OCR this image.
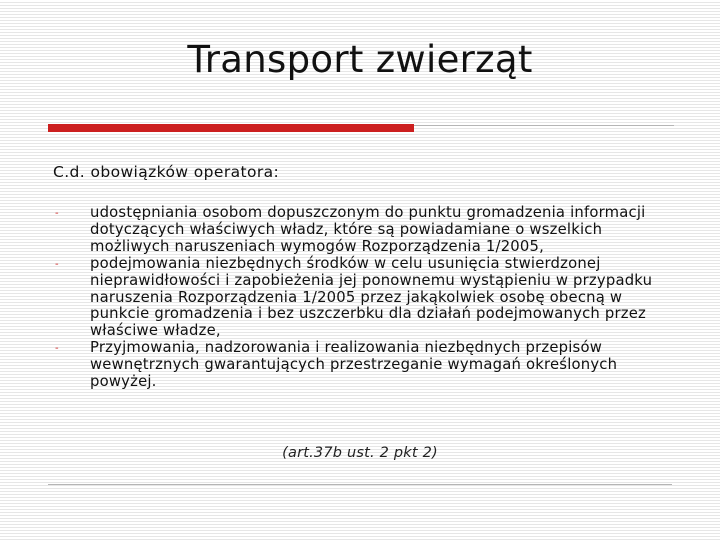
Transport zwierząt

C.d. obowiązków operatora:

- udostępniania osobom dopuszczonym do punktu gromadzenia informacji dotyczących właściwych władz, które są powiadamiane o wszelkich możliwych naruszeniach wymogów Rozporządzenia 1/2005,
- podejmowania niezbędnych środków w celu usunięcia stwierdzonej nieprawidłowości i zapobieżenia jej ponownemu wystąpieniu w przypadku naruszenia Rozporządzenia 1/2005 przez jakąkolwiek osobę obecną w punkcie gromadzenia i bez uszczerbku dla działań podejmowanych przez właściwe władze,
- Przyjmowania, nadzorowania i realizowania niezbędnych przepisów wewnętrznych gwarantujących przestrzeganie wymagań określonych powyżej.

(art.37b ust. 2 pkt 2)
